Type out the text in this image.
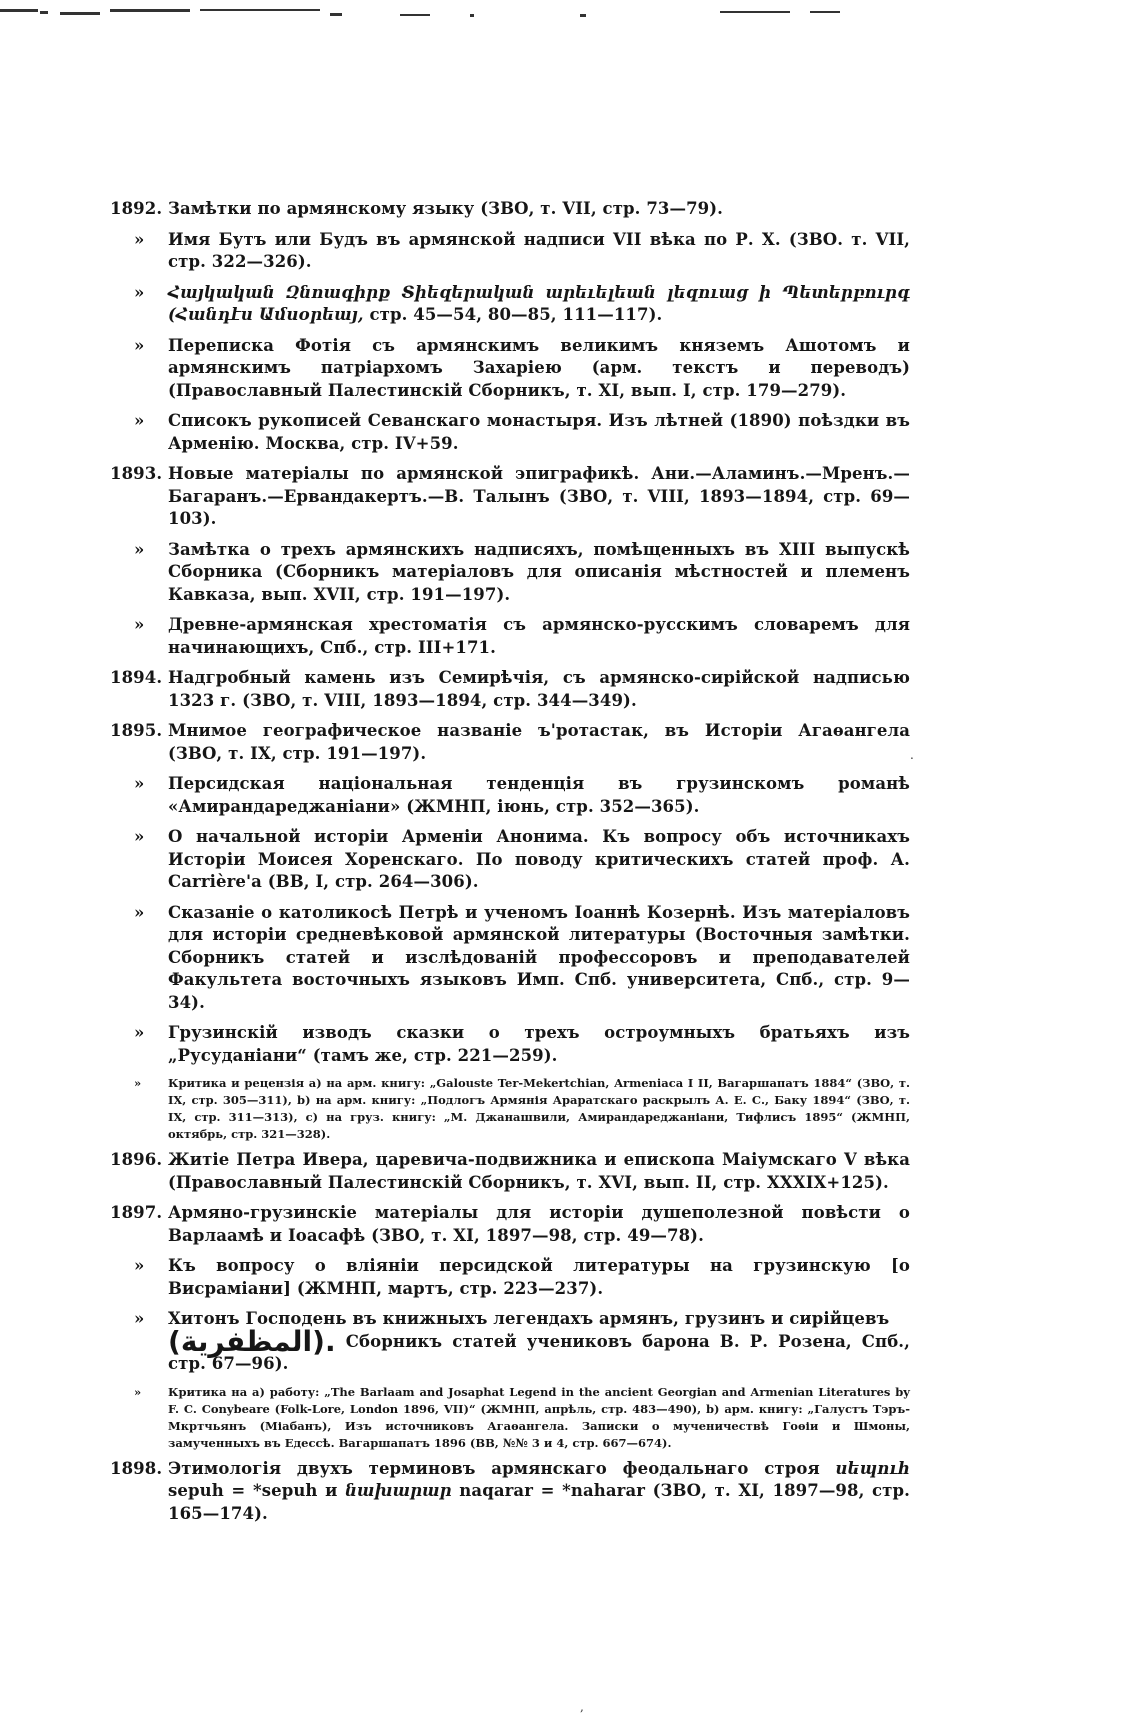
1892. Замѣтки по армянскому языку (ЗВО, т. VII, стр. 73—79).
»	Имя Бутъ или Будъ въ армянской надписи VII вѣка по Р. Х. (ЗВО. т. VII, стр. 322—326).
»	Հայկական Զնոագիրք Տիեզերական արեւելեան լեզուաց ի Պետերբուրգ (Հանդէս Ամսօրեայ, стр. 45—54, 80—85, 111—117).
»	Переписка Фотія съ армянскимъ великимъ княземъ Ашотомъ и армянскимъ патріархомъ Захаріею (арм. текстъ и переводъ) (Православный Палестинскій Сборникъ, т. XI, вып. I, стр. 179—279).
»	Списокъ рукописей Севанскаго монастыря. Изъ лѣтней (1890) поѣздки въ Арменію. Москва, стр. IV+59.
1893. Новые матеріалы по армянской эпиграфикѣ. Ани.—Аламинъ.—Мренъ.—Багаранъ.—Ервандакертъ.—В. Талынъ (ЗВО, т. VIII, 1893—1894, стр. 69—103).
»	Замѣтка о трехъ армянскихъ надписяхъ, помѣщенныхъ въ XIII выпускѣ Сборника (Сборникъ матеріаловъ для описанія мѣстностей и племенъ Кавказа, вып. XVII, стр. 191—197).
»	Древне-армянская хрестоматія съ армянско-русскимъ словаремъ для начинающихъ, Спб., стр. III+171.
1894. Надгробный камень изъ Семирѣчія, съ армянско-сирійской надписью 1323 г. (ЗВО, т. VIII, 1893—1894, стр. 344—349).
1895. Мнимое географическое названіе ъ'ротастак, въ Исторіи Агаѳангела (ЗВО, т. IX, стр. 191—197).
»	Персидская національная тенденція въ грузинскомъ романѣ «Амирандареджаніани» (ЖМНП, іюнь, стр. 352—365).
»	О начальной исторіи Арменіи Анонима. Къ вопросу объ источникахъ Исторіи Моисея Хоренскаго. По поводу критическихъ статей проф. А. Carrière'а (ВВ, I, стр. 264—306).
»	Сказаніе о католикосѣ Петрѣ и ученомъ Іоаннѣ Козернѣ. Изъ матеріаловъ для исторіи средневѣковой армянской литературы (Восточныя замѣтки. Сборникъ статей и изслѣдованій профессоровъ и преподавателей Факультета восточныхъ языковъ Имп. Спб. университета, Спб., стр. 9—34).
»	Грузинскій изводъ сказки о трехъ остроумныхъ братьяхъ изъ „Русуданіани“ (тамъ же, стр. 221—259).
»	Критика и рецензія а) на арм. книгу: „Galouste Ter-Mekertchian, Armeniaca I II, Вагаршапатъ 1884“ (ЗВО, т. IX, стр. 305—311), b) на арм. книгу: „Подлогъ Армянія Араратскаго раскрылъ А. Е. С., Баку 1894“ (ЗВО, т. IX, стр. 311—313), с) на груз. книгу: „М. Джанашвили, Амирандареджаніани, Тифлисъ 1895“ (ЖМНП, октябрь, стр. 321—328).
1896. Житіе Петра Ивера, царевича-подвижника и епископа Маіумскаго V вѣка (Православный Палестинскій Сборникъ, т. XVI, вып. II, стр. XXXIX+125).
1897. Армяно-грузинскіе матеріалы для исторіи душеполезной повѣсти о Варлаамѣ и Іоасафѣ (ЗВО, т. XI, 1897—98, стр. 49—78).
»	Къ вопросу о вліяніи персидской литературы на грузинскую [о Висраміани] (ЖМНП, мартъ, стр. 223—237).
»	Хитонъ Господень въ книжныхъ легендахъ армянъ, грузинъ и сирійцевъ
(المظفرية). Сборникъ статей учениковъ барона В. Р. Розена, Спб., стр. 67—96).
»	Критика на а) работу: „The Barlaam and Josaphat Legend in the ancient Georgian and Armenian Literatures by F. C. Conybeare (Folk-Lore, London 1896, VII)“ (ЖМНП, апрѣль, стр. 483—490), b) арм. книгу: „Галустъ Тэръ-Мкртчьянъ (Міабанъ), Изъ источниковъ Агаѳангела. Записки о мученичествѣ Гоѳіи и Шмоны, замученныхъ въ Едессѣ. Вагаршапатъ 1896 (ВВ, №№ 3 и 4, стр. 667—674).
1898. Этимологія двухъ терминовъ армянскаго феодальнаго строя սեպուհ sepuh = *sepuh и նախարար naqarar = *naharar (ЗВО, т. XI, 1897—98, стр. 165—174).
.
,
